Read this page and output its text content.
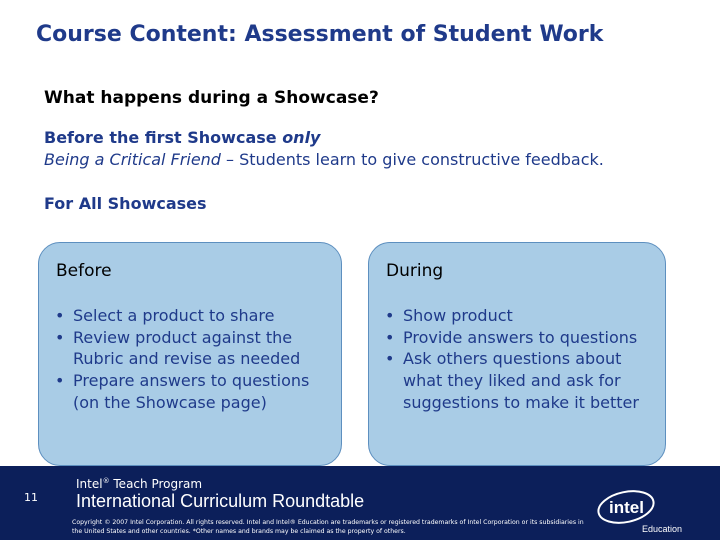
Course Content: Assessment of Student Work
What happens during a Showcase?
Before the first Showcase only
Being a Critical Friend – Students learn to give constructive feedback.
For All Showcases
Before
• Select a product to share
• Review product against the Rubric and revise as needed
• Prepare answers to questions (on the Showcase page)
During
• Show product
• Provide answers to questions
• Ask others questions about what they liked and ask for suggestions to make it better
11
Intel® Teach Program
International Curriculum Roundtable
Copyright © 2007 Intel Corporation. All rights reserved. Intel and Intel® Education are trademarks or registered trademarks of Intel Corporation or its subsidiaries in the United States and other countries. *Other names and brands may be claimed as the property of others.
intel
Education
